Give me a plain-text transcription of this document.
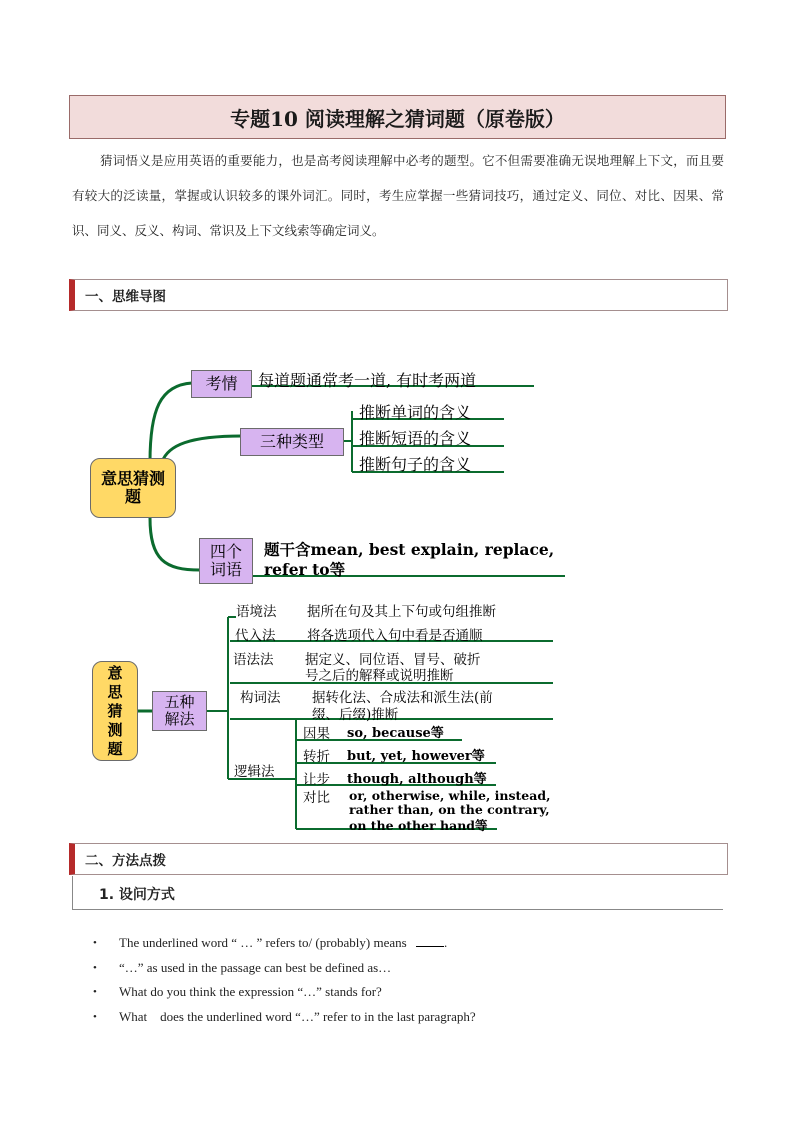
专题10 阅读理解之猜词题（原卷版）

猜词悟义是应用英语的重要能力，也是高考阅读理解中必考的题型。它不但需要准确无误地理解上下文，而且要有较大的泛读量，掌握或认识较多的课外词汇。同时，考生应掌握一些猜词技巧，通过定义、同位、对比、因果、常识、同义、反义、构词、常识及上下文线索等确定词义。

一、思维导图
意思猜测    题
考情 每道题通常考一道, 有时考两道
三种类型
推断单词的含义
推断短语的含义
推断句子的含义
四个词语
题干含mean, best explain, replace,
refer to等
意思猜测题
五种解法
语境法 据所在句及其上下句或句组推断
代入法 将各选项代入句中看是否通顺
语法法 据定义、同位语、冒号、破折
号之后的解释或说明推断
构词法 据转化法、合成法和派生法(前
缀、后缀)推断
逻辑法
因果 so, because等
转折 but, yet, however等
让步 though, although等
对比 or, otherwise, while, instead,
rather than, on the contrary,
on the other hand等
二、方法点拨
1. 设问方式
• The underlined word “ … ” refers to/ (probably) means	.
• “…” as used in the passage can best be defined as…
• What do you think the expression “…” stands for?
• What    does the underlined word “…” refer to in the last paragraph?
